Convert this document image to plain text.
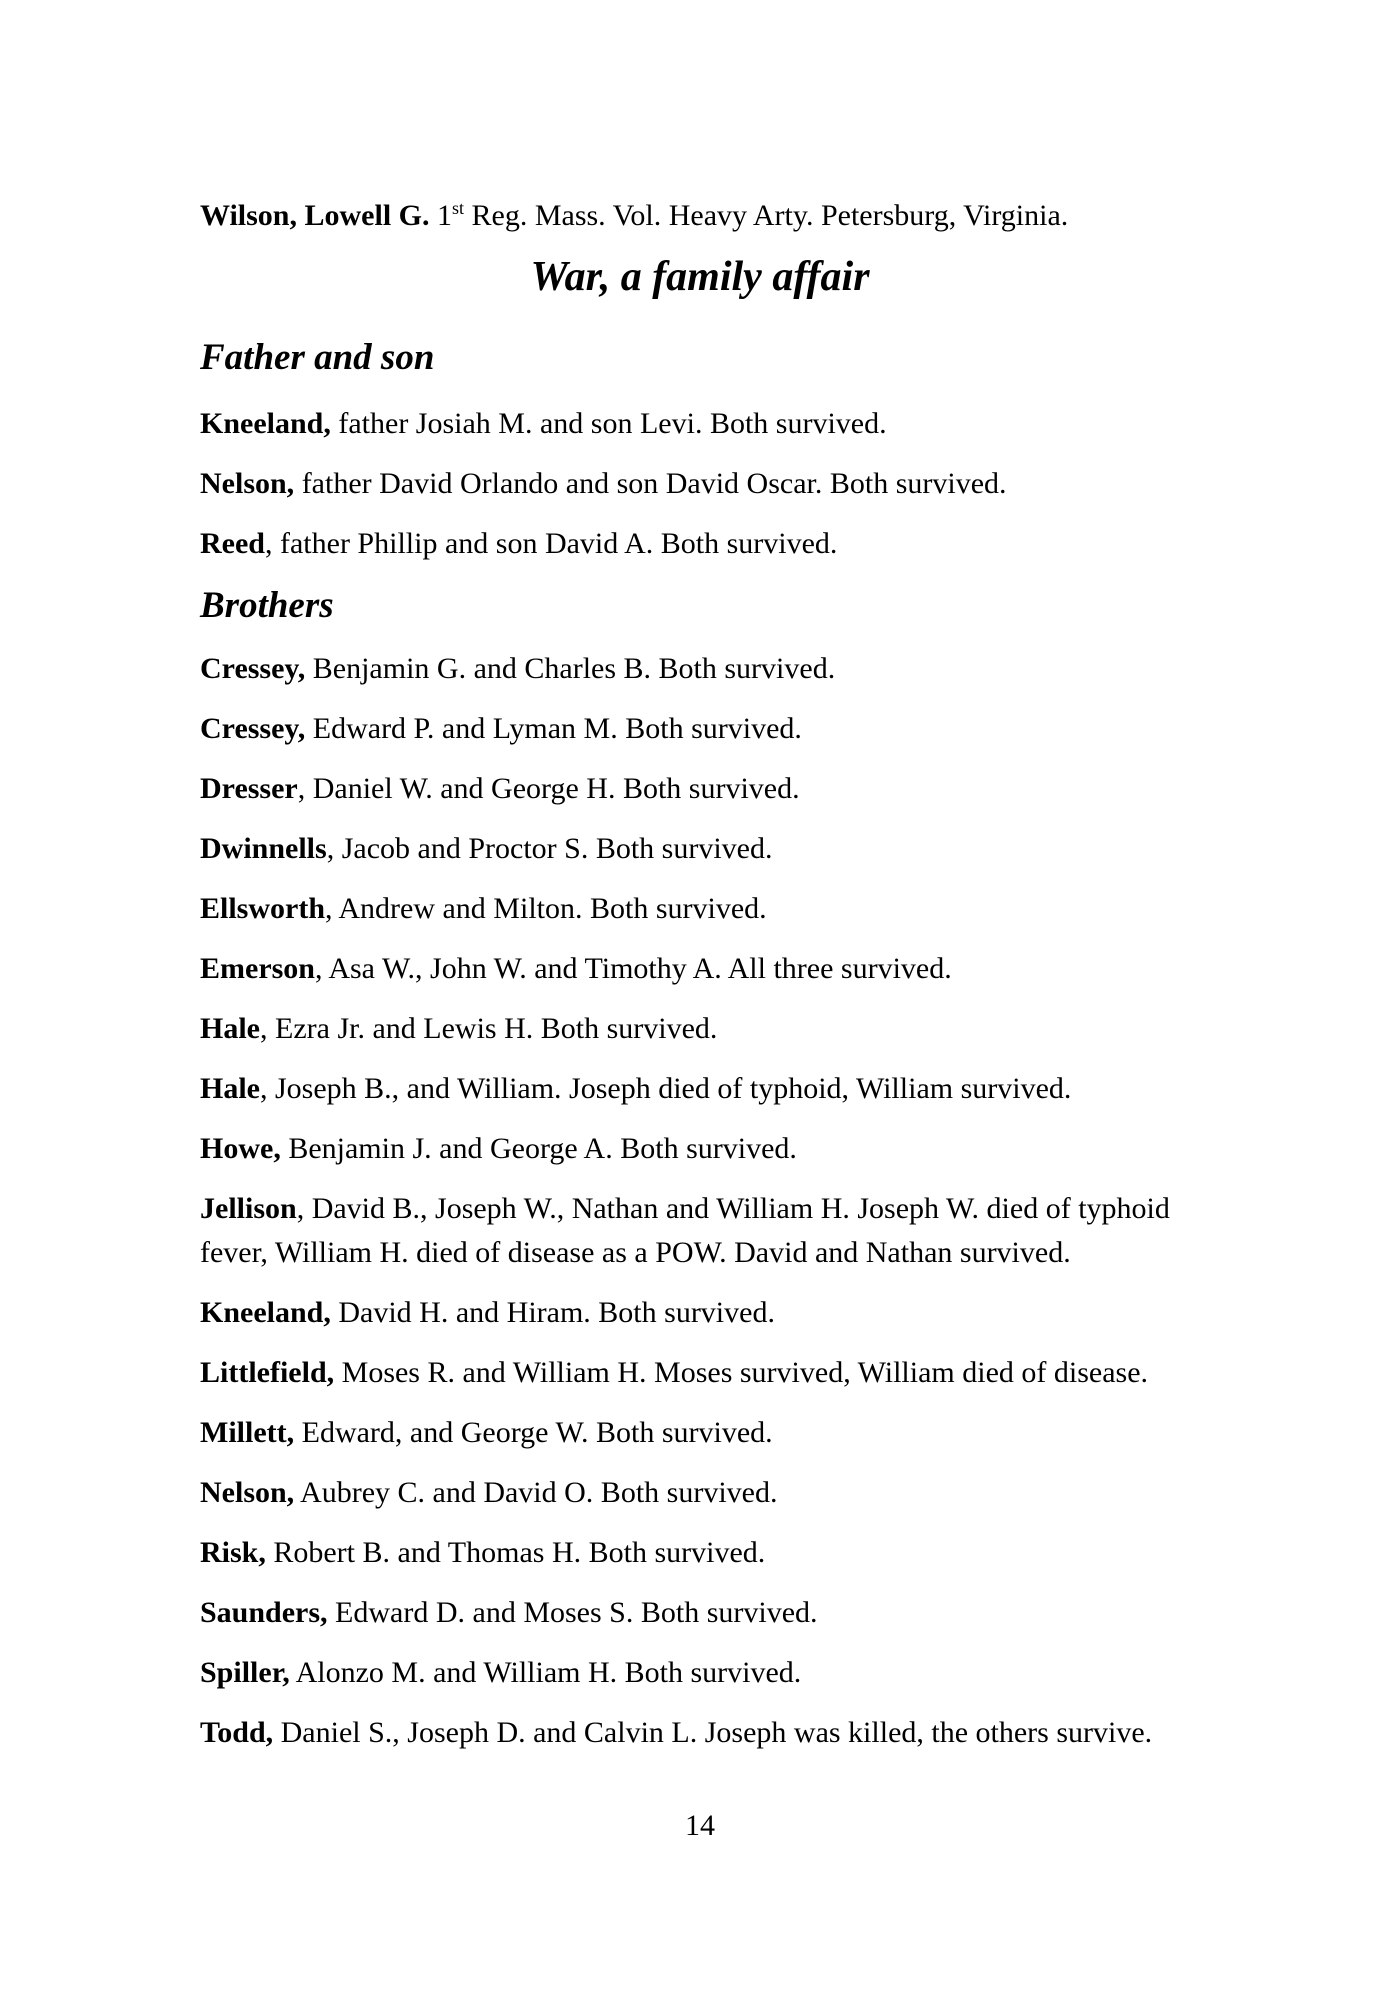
Wilson, Lowell G. 1st Reg. Mass. Vol. Heavy Arty. Petersburg, Virginia.

War, a family affair
Father and son

Kneeland, father Josiah M. and son Levi. Both survived.

Nelson, father David Orlando and son David Oscar. Both survived.

Reed, father Phillip and son David A. Both survived.

Brothers

Cressey, Benjamin G. and Charles B. Both survived.

Cressey, Edward P. and Lyman M. Both survived.

Dresser, Daniel W. and George H. Both survived.

Dwinnells, Jacob and Proctor S. Both survived.

Ellsworth, Andrew and Milton. Both survived.

Emerson, Asa W., John W. and Timothy A. All three survived.

Hale, Ezra Jr. and Lewis H. Both survived.

Hale, Joseph B., and William. Joseph died of typhoid, William survived.

Howe, Benjamin J. and George A. Both survived.

Jellison, David B., Joseph W., Nathan and William H. Joseph W. died of typhoid
fever, William H. died of disease as a POW. David and Nathan survived.

Kneeland, David H. and Hiram. Both survived.

Littlefield, Moses R. and William H. Moses survived, William died of disease.

Millett, Edward, and George W. Both survived.

Nelson, Aubrey C. and David O. Both survived.

Risk, Robert B. and Thomas H. Both survived.

Saunders, Edward D. and Moses S. Both survived.

Spiller, Alonzo M. and William H. Both survived.

Todd, Daniel S., Joseph D. and Calvin L. Joseph was killed, the others survive.

14
